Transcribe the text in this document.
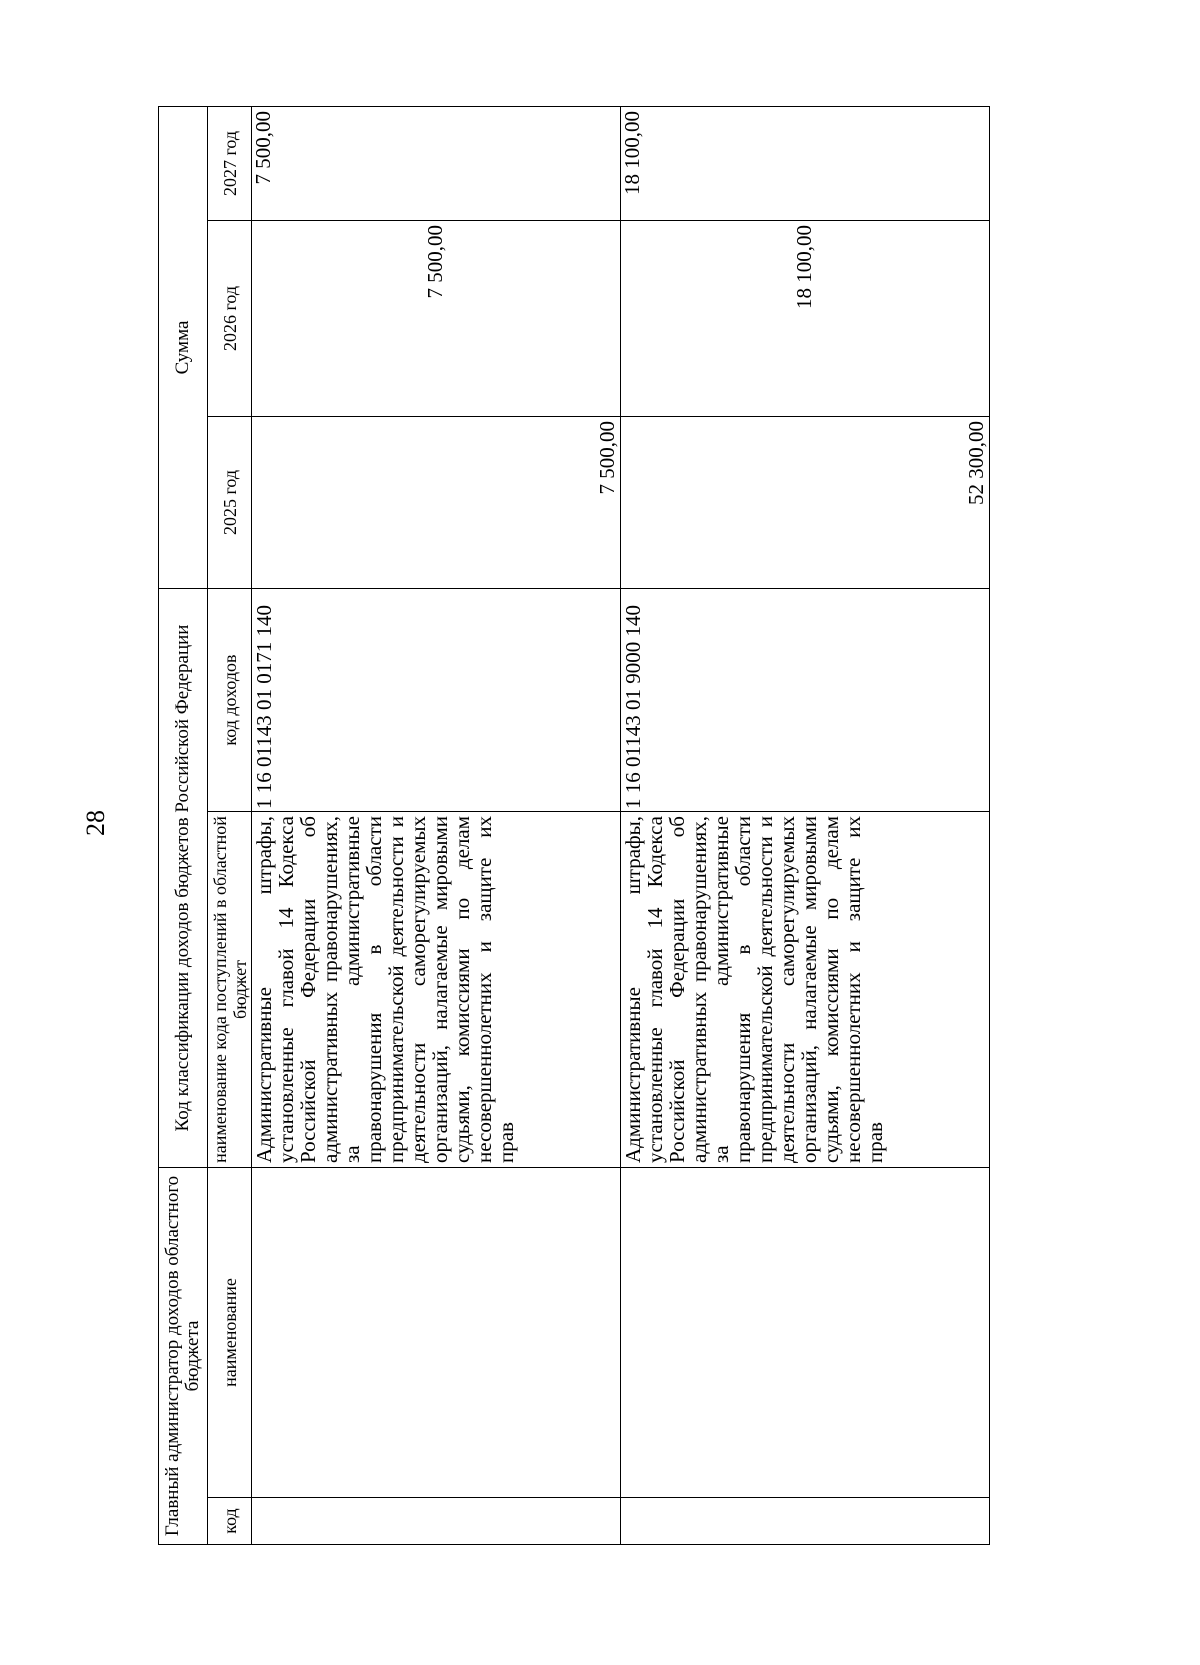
28
Главный администратор доходов областного бюджета		Код классификации доходов бюджетов Российской Федерации		Сумма		
код	наименование	наименование кода поступлений в областной бюджет	код доходов	2025 год	2026 год	2027 год
		Административные штрафы, установленные главой 14 Кодекса Российской Федерации об административных правонарушениях, за административные правонарушения в области предпринимательской деятельности и деятельности саморегулируемых организаций, налагаемые мировыми судьями, комиссиями по делам несовершеннолетних и защите их прав	1 16 01143 01 0171 140	7 500,00	7 500,00	7 500,00
		Административные штрафы, установленные главой 14 Кодекса Российской Федерации об административных правонарушениях, за административные правонарушения в области предпринимательской деятельности и деятельности саморегулируемых организаций, налагаемые мировыми судьями, комиссиями по делам несовершеннолетних и защите их прав	1 16 01143 01 9000 140	52 300,00	18 100,00	18 100,00
